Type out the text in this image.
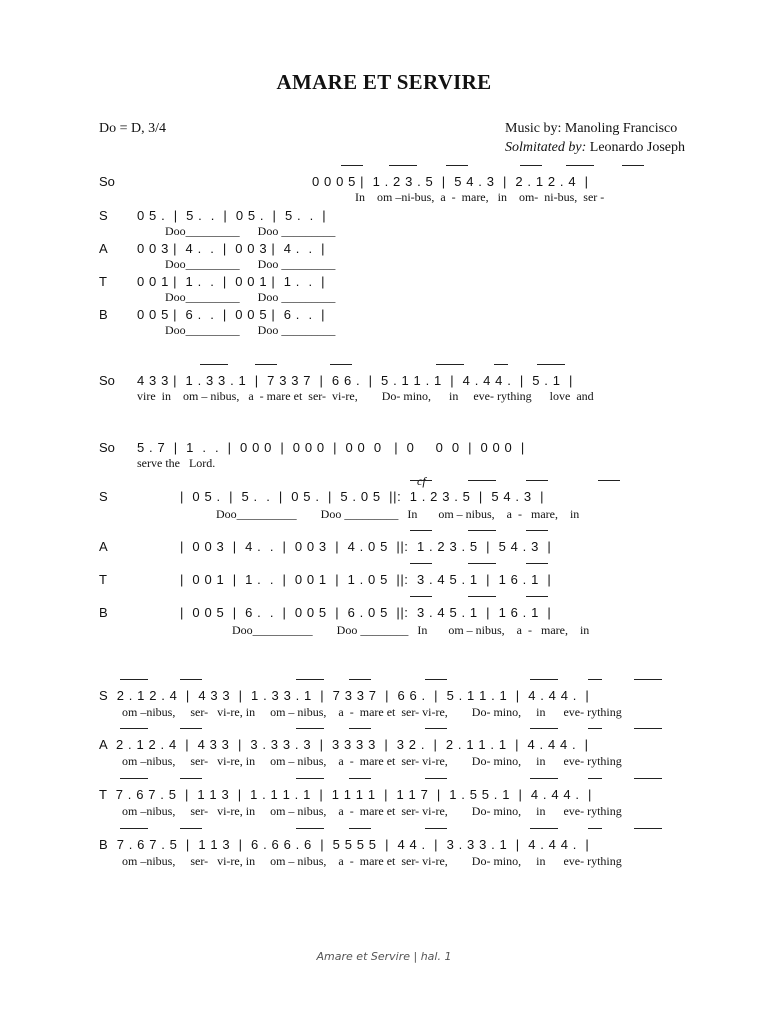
AMARE ET SERVIRE
Do = D, 3/4	Music by: Manoling Francisco
Solmitated by: Leonardo Joseph
So	0 0 0 5 |  1 . 2 3 . 5  |  5 4 . 3  |  2 . 1 2 . 4  |
In    om –ni-bus,  a  -  mare,   in    om-  ni-bus,  ser -
S 0 5 .  |  5 .  .  |  0 5 .  |  5 .  .  |
Doo_________      Doo _________
A 0 0 3 |  4 .  .  |  0 0 3 |  4 .  .  |
Doo_________      Doo _________
T 0 0 1 |  1 .  .  |  0 0 1 |  1 .  .  |
Doo_________      Doo _________
B 0 0 5 |  6 .  .  |  0 0 5 |  6 .  .  |
Doo_________      Doo _________
So 4 3 3 |  1 . 3 3 . 1  |  7 3 3 7  |  6 6 .  |  5 . 1 1 . 1  |  4 . 4 4 .  |  5 . 1  |
vire  in    om – nibus,   a  - mare et  ser-  vi-re,        Do- mino,      in     eve- rything      love  and
So 5 . 7  |  1  .  .  |  0 0 0  |  0 0 0  |  0 0  0   |  0     0  0  |  0 0 0  |
serve the   Lord.
S	|  0 5 .  |  5 .  .  |  0 5 .  |  5 . 0 5  ||:  1 . 2 3 . 5  |  5 4 . 3  |
Doo__________        Doo _________   In       om – nibus,    a  -   mare,    in
A	|  0 0 3  |  4 .  .  |  0 0 3  |  4 . 0 5  ||:  1 . 2 3 . 5  |  5 4 . 3  |
T	|  0 0 1  |  1 .  .  |  0 0 1  |  1 . 0 5  ||:  3 . 4 5 . 1  |  1 6 . 1  |
B	|  0 0 5  |  6 .  .  |  0 0 5  |  6 . 0 5  ||:  3 . 4 5 . 1  |  1 6 . 1  |
Doo__________        Doo ________   In       om – nibus,    a  -   mare,    in
S  2 . 1 2 . 4  |  4 3 3  |  1 . 3 3 . 1  |  7 3 3 7  |  6 6 .  |  5 . 1 1 . 1  |  4 . 4 4 .  |
om –nibus,     ser-   vi-re, in     om – nibus,    a  -  mare et  ser- vi-re,        Do- mino,     in      eve- rything
A  2 . 1 2 . 4  |  4 3 3  |  3 . 3 3 . 3  |  3 3 3 3  |  3 2 .  |  2 . 1 1 . 1  |  4 . 4 4 .  |
om –nibus,     ser-   vi-re, in     om – nibus,    a  -  mare et  ser- vi-re,        Do- mino,     in      eve- rything
T  7 . 6 7 . 5  |  1 1 3  |  1 . 1 1 . 1  |  1 1 1 1  |  1 1 7  |  1 . 5 5 . 1  |  4 . 4 4 .  |
om –nibus,     ser-   vi-re, in     om – nibus,    a  -  mare et  ser- vi-re,        Do- mino,     in      eve- rything
B  7 . 6 7 . 5  |  1 1 3  |  6 . 6 6 . 6  |  5 5 5 5  |  4 4 .  |  3 . 3 3 . 1  |  4 . 4 4 .  |
om –nibus,     ser-   vi-re, in     om – nibus,    a  -  mare et  ser- vi-re,        Do- mino,     in      eve- rything
cf
Amare et Servire | hal. 1
